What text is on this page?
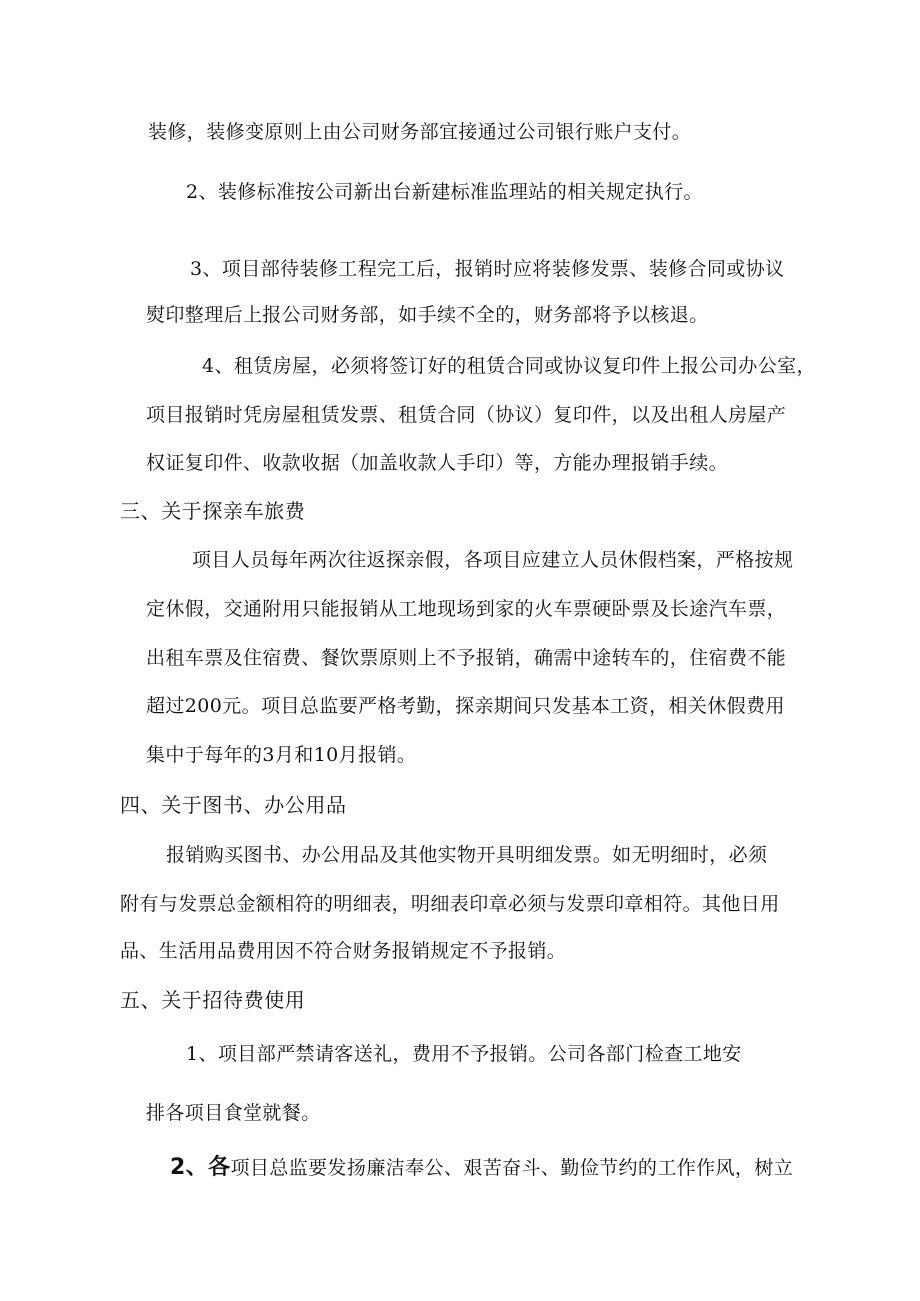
装修，装修变原则上由公司财务部宜接通过公司银行账户支付。
2、装修标准按公司新出台新建标准监理站的相关规定执行。
3、项目部待装修工程完工后，报销时应将装修发票、装修合同或协议
熨印整理后上报公司财务部，如手续不全的，财务部将予以核退。
4、租赁房屋，必须将签订好的租赁合同或协议复印件上报公司办公室，
项目报销时凭房屋租赁发票、租赁合同（协议）复印件，以及出租人房屋产
权证复印件、收款收据（加盖收款人手印）等，方能办理报销手续。
三、关于探亲车旅费
项目人员每年两次往返探亲假，各项目应建立人员休假档案，严格按规
定休假，交通附用只能报销从工地现场到家的火车票硬卧票及长途汽车票，
出租车票及住宿费、餐饮票原则上不予报销，确需中途转车的，住宿费不能
超过200元。项目总监要严格考勤，探亲期间只发基本工资，相关休假费用
集中于每年的3月和10月报销。
四、关于图书、办公用品
报销购买图书、办公用品及其他实物开具明细发票。如无明细时，必须
附有与发票总金额相符的明细表，明细表印章必须与发票印章相符。其他日用
品、生活用品费用因不符合财务报销规定不予报销。
五、关于招待费使用
1、项目部严禁请客送礼，费用不予报销。公司各部门检查工地安
排各项目食堂就餐。
2、各项目总监要发扬廉洁奉公、艰苦奋斗、勤俭节约的工作作风，树立
